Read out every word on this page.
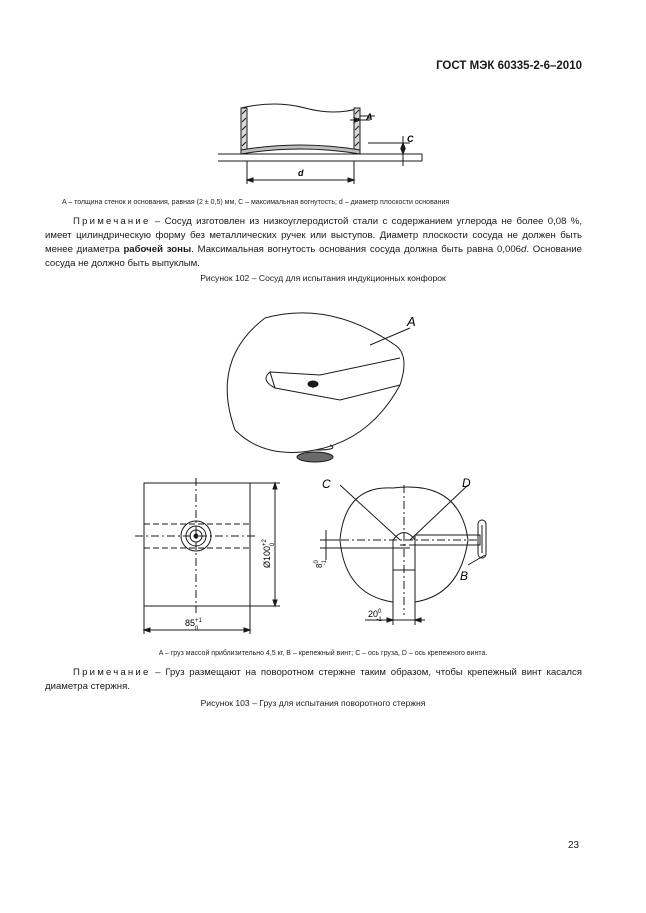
ГОСТ МЭК 60335-2-6–2010
A
C
d
A – толщина стенок и основания, равная (2 ± 0,5) мм, C – максимальная вогнутость; d – диаметр плоскости основания
Примечание – Сосуд изготовлен из низкоуглеродистой стали с содержанием углерода не более 0,08 %, имеет цилиндрическую форму без металлических ручек или выступов. Диаметр плоскости сосуда не должен быть менее диаметра рабочей зоны. Максимальная вогнутость основания сосуда должна быть равна 0,006d. Основание сосуда не должно быть выпуклым.
Рисунок 102 – Сосуд для испытания индукционных конфорок
A
$Ø100^{+2}$ 0
$85^{+1}$ 0
C	D
B
$8^0$ -1
$20^0$ -1
A – груз массой приблизительно 4,5 кг, B – крепежный винт; C – ось груза, D – ось крепежного винта.
Примечание – Груз размещают на поворотном стержне таким образом, чтобы крепежный винт касался диаметра стержня.
Рисунок 103 – Груз для испытания поворотного стержня
23
